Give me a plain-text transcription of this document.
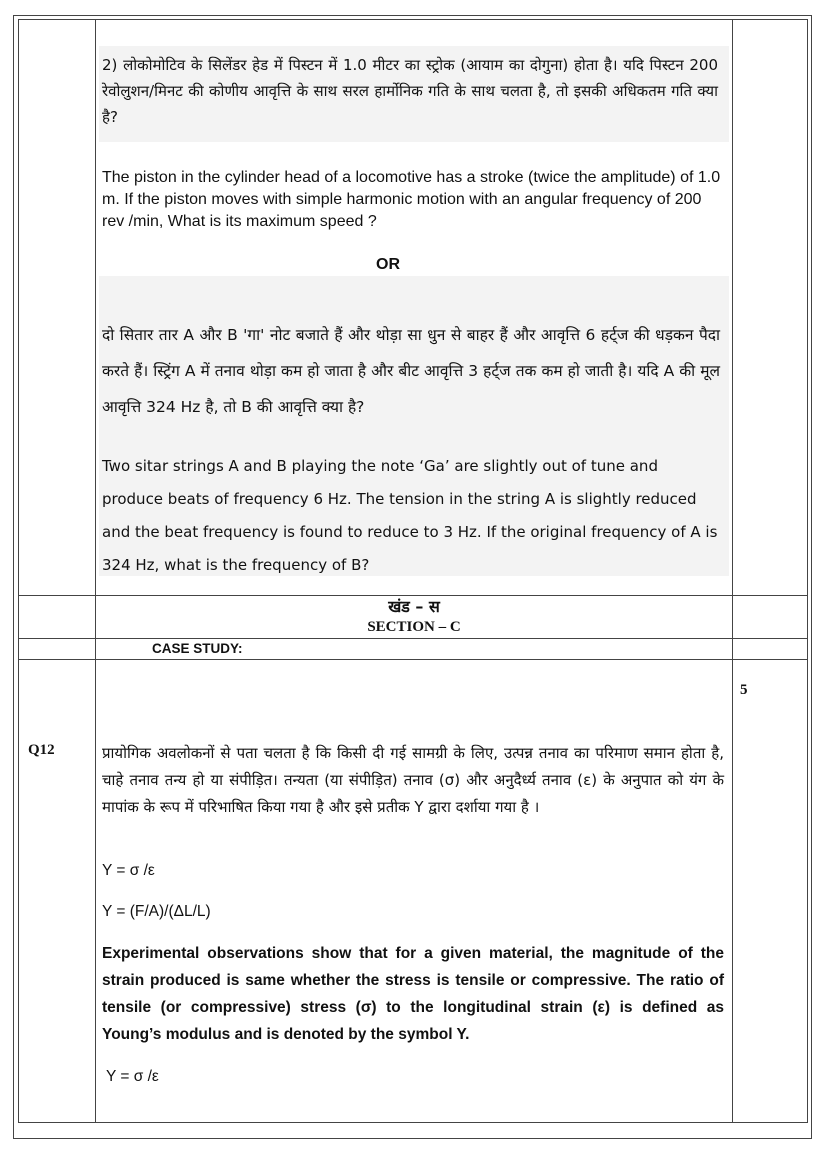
2) लोकोमोटिव के सिलेंडर हेड में पिस्टन में 1.0 मीटर का स्ट्रोक (आयाम का दोगुना) होता है। यदि पिस्टन 200 रेवोलुशन/मिनट की कोणीय आवृत्ति के साथ सरल हार्मोनिक गति के साथ चलता है, तो इसकी अधिकतम गति क्या है?

The piston in the cylinder head of a locomotive has a stroke (twice the amplitude) of 1.0 m. If the piston moves with simple harmonic motion with an angular frequency of 200 rev /min, What is its maximum speed ?

OR

दो सितार तार A और B 'गा' नोट बजाते हैं और थोड़ा सा धुन से बाहर हैं और आवृत्ति 6 हर्ट्ज की धड़कन पैदा करते हैं। स्ट्रिंग A में तनाव थोड़ा कम हो जाता है और बीट आवृत्ति 3 हर्ट्ज तक कम हो जाती है। यदि A की मूल आवृत्ति 324 Hz है, तो B की आवृत्ति क्या है?

Two sitar strings A and B playing the note ‘Ga’ are slightly out of tune and produce beats of frequency 6 Hz. The tension in the string A is slightly reduced and the beat frequency is found to reduce to 3 Hz. If the original frequency of A is 324 Hz, what is the frequency of B?

खंड – स

SECTION – C

CASE STUDY:

Q12

5

प्रायोगिक अवलोकनों से पता चलता है कि किसी दी गई सामग्री के लिए, उत्पन्न तनाव का परिमाण समान होता है, चाहे तनाव तन्य हो या संपीड़ित। तन्यता (या संपीड़ित) तनाव (σ) और अनुदैर्ध्य तनाव (ε) के अनुपात को यंग के मापांक के रूप में परिभाषित किया गया है और इसे प्रतीक Y द्वारा दर्शाया गया है ।

Y = σ /ε

Y = (F/A)/(ΔL/L)

Experimental observations show that for a given material, the magnitude of the strain produced is same whether the stress is tensile or compressive. The ratio of tensile (or compressive) stress (σ) to the longitudinal strain (ε) is defined as Young’s modulus and is denoted by the symbol Y.

Y = σ /ε
